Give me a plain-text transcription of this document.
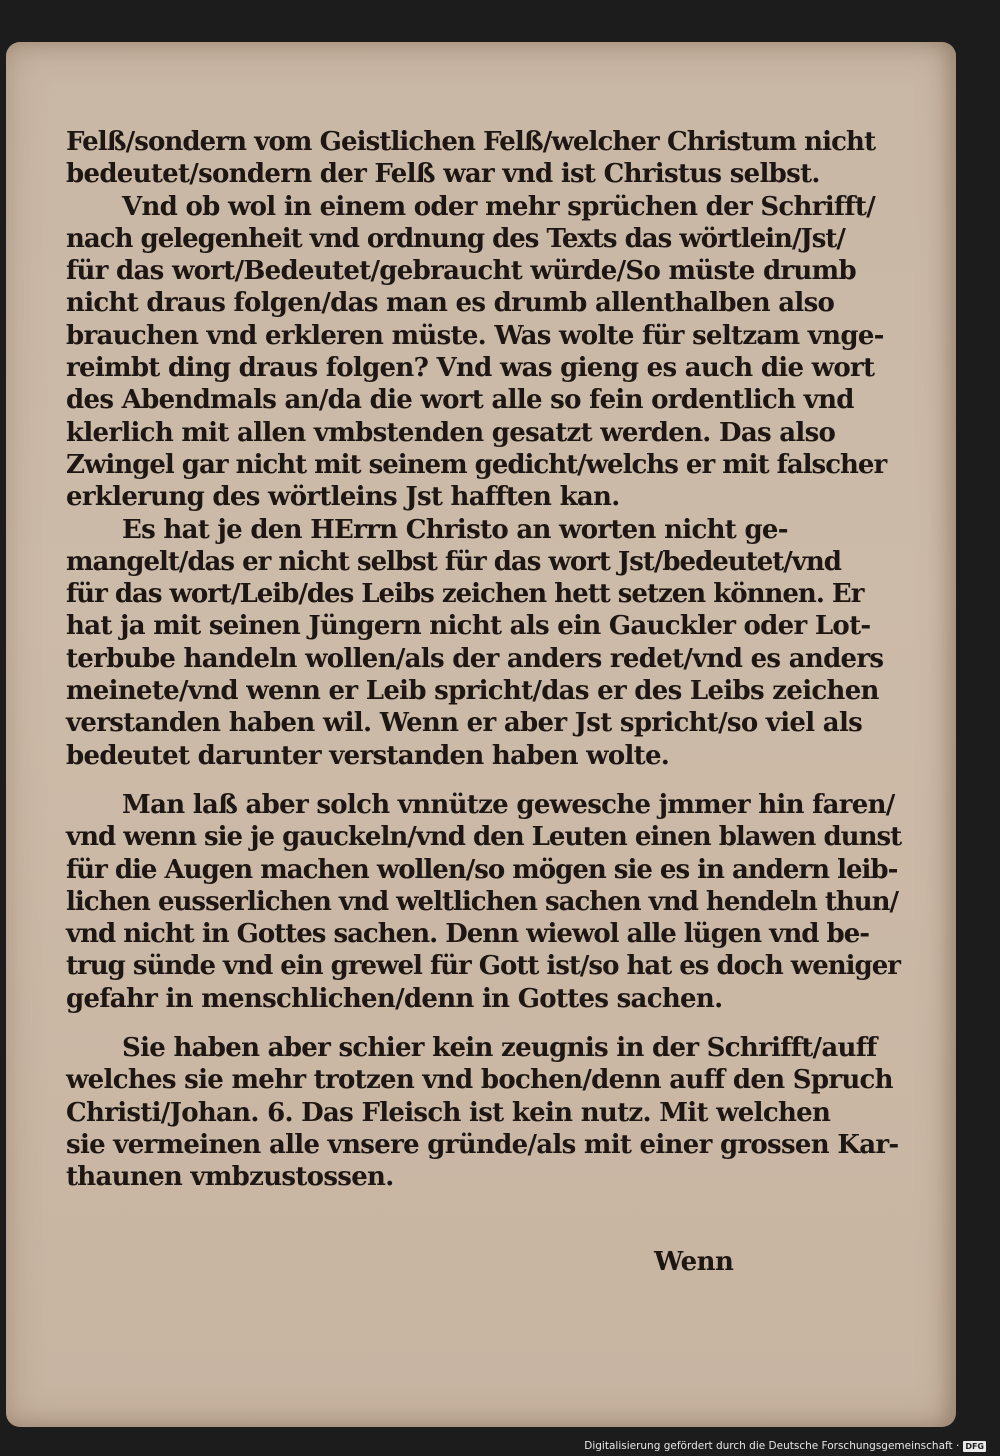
Felß/sondern vom Geistlichen Felß/welcher Christum nicht
bedeutet/sondern der Felß war vnd ist Christus selbst.
Vnd ob wol in einem oder mehr sprüchen der Schrifft/
nach gelegenheit vnd ordnung des Texts das wörtlein/Jst/
für das wort/Bedeutet/gebraucht würde/So müste drumb
nicht draus folgen/das man es drumb allenthalben also
brauchen vnd erkleren müste. Was wolte für seltzam vnge-
reimbt ding draus folgen? Vnd was gieng es auch die wort
des Abendmals an/da die wort alle so fein ordentlich vnd
klerlich mit allen vmbstenden gesatzt werden. Das also
Zwingel gar nicht mit seinem gedicht/welchs er mit falscher
erklerung des wörtleins Jst hafften kan.
Es hat je den HErrn Christo an worten nicht ge-
mangelt/das er nicht selbst für das wort Jst/bedeutet/vnd
für das wort/Leib/des Leibs zeichen hett setzen können. Er
hat ja mit seinen Jüngern nicht als ein Gauckler oder Lot-
terbube handeln wollen/als der anders redet/vnd es anders
meinete/vnd wenn er Leib spricht/das er des Leibs zeichen
verstanden haben wil. Wenn er aber Jst spricht/so viel als
bedeutet darunter verstanden haben wolte.
Man laß aber solch vnnütze gewesche jmmer hin faren/
vnd wenn sie je gauckeln/vnd den Leuten einen blawen dunst
für die Augen machen wollen/so mögen sie es in andern leib-
lichen eusserlichen vnd weltlichen sachen vnd hendeln thun/
vnd nicht in Gottes sachen. Denn wiewol alle lügen vnd be-
trug sünde vnd ein grewel für Gott ist/so hat es doch weniger
gefahr in menschlichen/denn in Gottes sachen.
Sie haben aber schier kein zeugnis in der Schrifft/auff
welches sie mehr trotzen vnd bochen/denn auff den Spruch
Christi/Johan. 6. Das Fleisch ist kein nutz. Mit welchen
sie vermeinen alle vnsere gründe/als mit einer grossen Kar-
thaunen vmbzustossen.
Wenn
Digitalisierung gefördert durch die Deutsche Forschungsgemeinschaft · DFG
